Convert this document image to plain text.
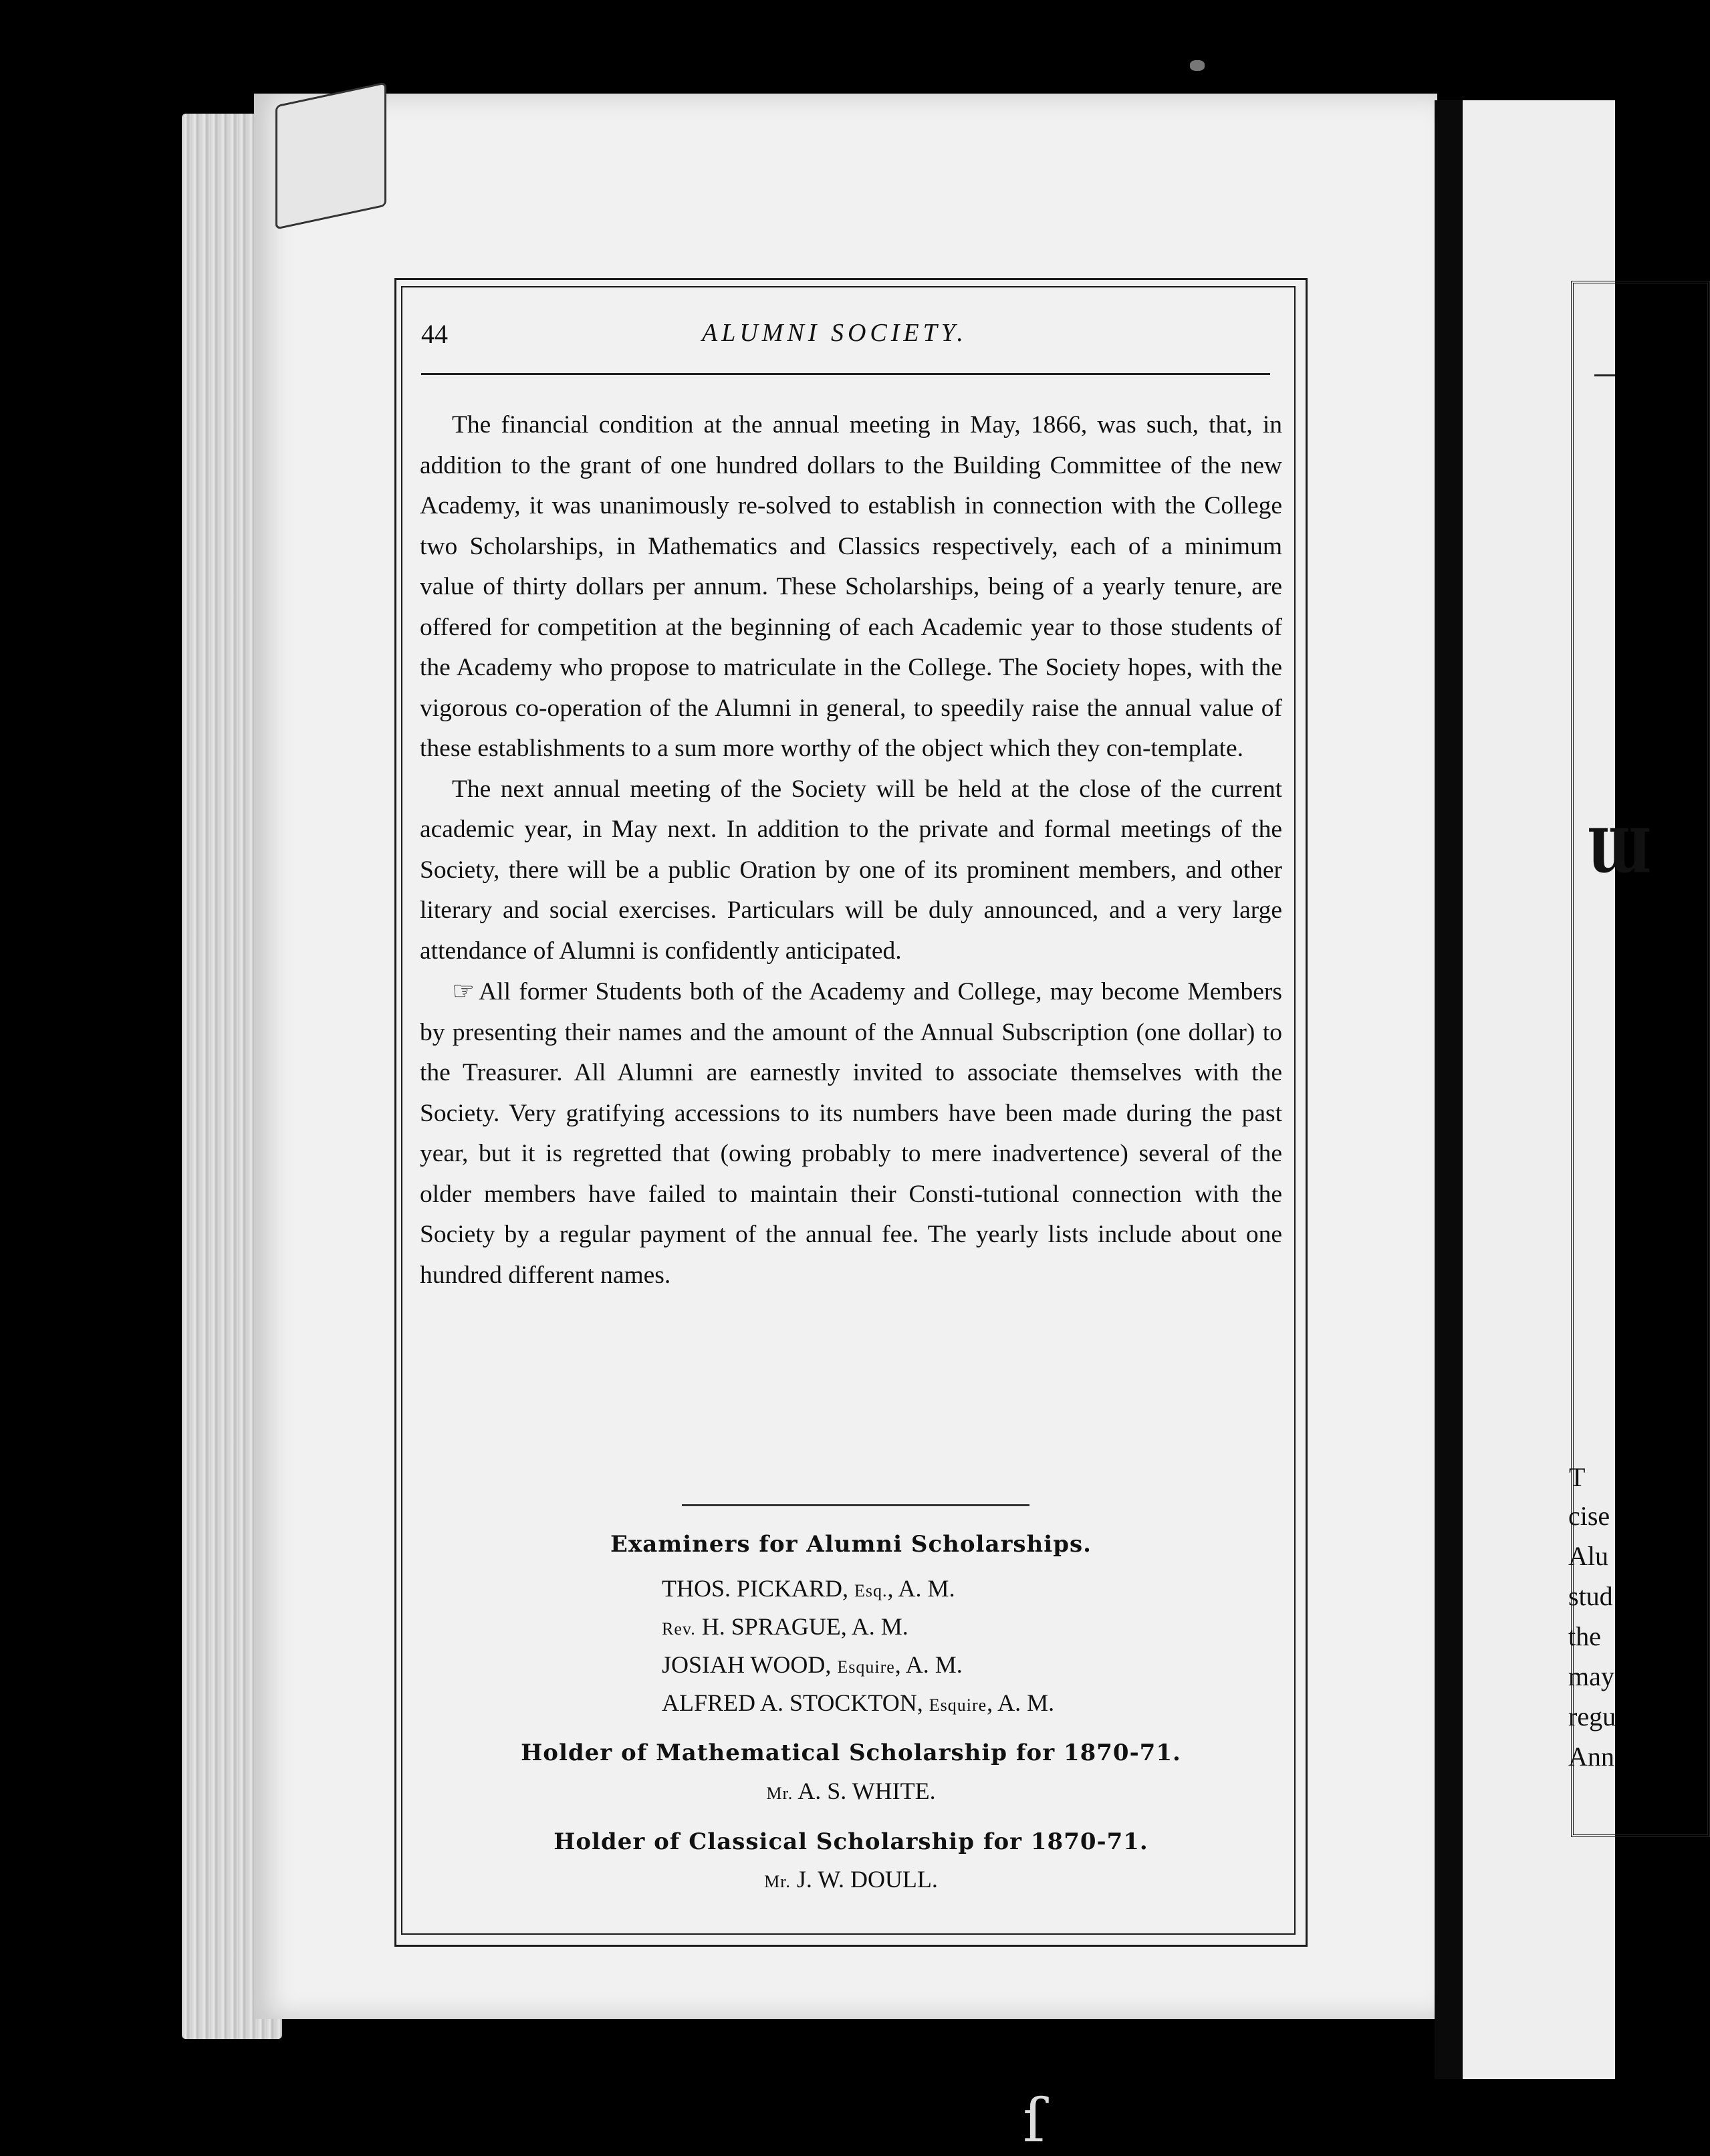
Ɯ
T
cise
Alu
stud
the
may
regu
Ann
44	ALUMNI SOCIETY.

The financial condition at the annual meeting in May, 1866, was such, that, in addition to the grant of one hundred dollars to the Building Committee of the new Academy, it was unanimously re-solved to establish in connection with the College two Scholarships, in Mathematics and Classics respectively, each of a minimum value of thirty dollars per annum. These Scholarships, being of a yearly tenure, are offered for competition at the beginning of each Academic year to those students of the Academy who propose to matriculate in the College. The Society hopes, with the vigorous co-operation of the Alumni in general, to speedily raise the annual value of these establishments to a sum more worthy of the object which they con-template.

The next annual meeting of the Society will be held at the close of the current academic year, in May next. In addition to the private and formal meetings of the Society, there will be a public Oration by one of its prominent members, and other literary and social exercises. Particulars will be duly announced, and a very large attendance of Alumni is confidently anticipated.

☞ All former Students both of the Academy and College, may become Members by presenting their names and the amount of the Annual Subscription (one dollar) to the Treasurer. All Alumni are earnestly invited to associate themselves with the Society. Very gratifying accessions to its numbers have been made during the past year, but it is regretted that (owing probably to mere inadvertence) several of the older members have failed to maintain their Consti-tutional connection with the Society by a regular payment of the annual fee. The yearly lists include about one hundred different names.

Examiners for Alumni Scholarships.
THOS. PICKARD, Esq., A. M.
Rev. H. SPRAGUE, A. M.
JOSIAH WOOD, Esquire, A. M.
ALFRED A. STOCKTON, Esquire, A. M.
Holder of Mathematical Scholarship for 1870-71.
Mr. A. S. WHITE.
Holder of Classical Scholarship for 1870-71.
Mr. J. W. DOULL.
ſ
